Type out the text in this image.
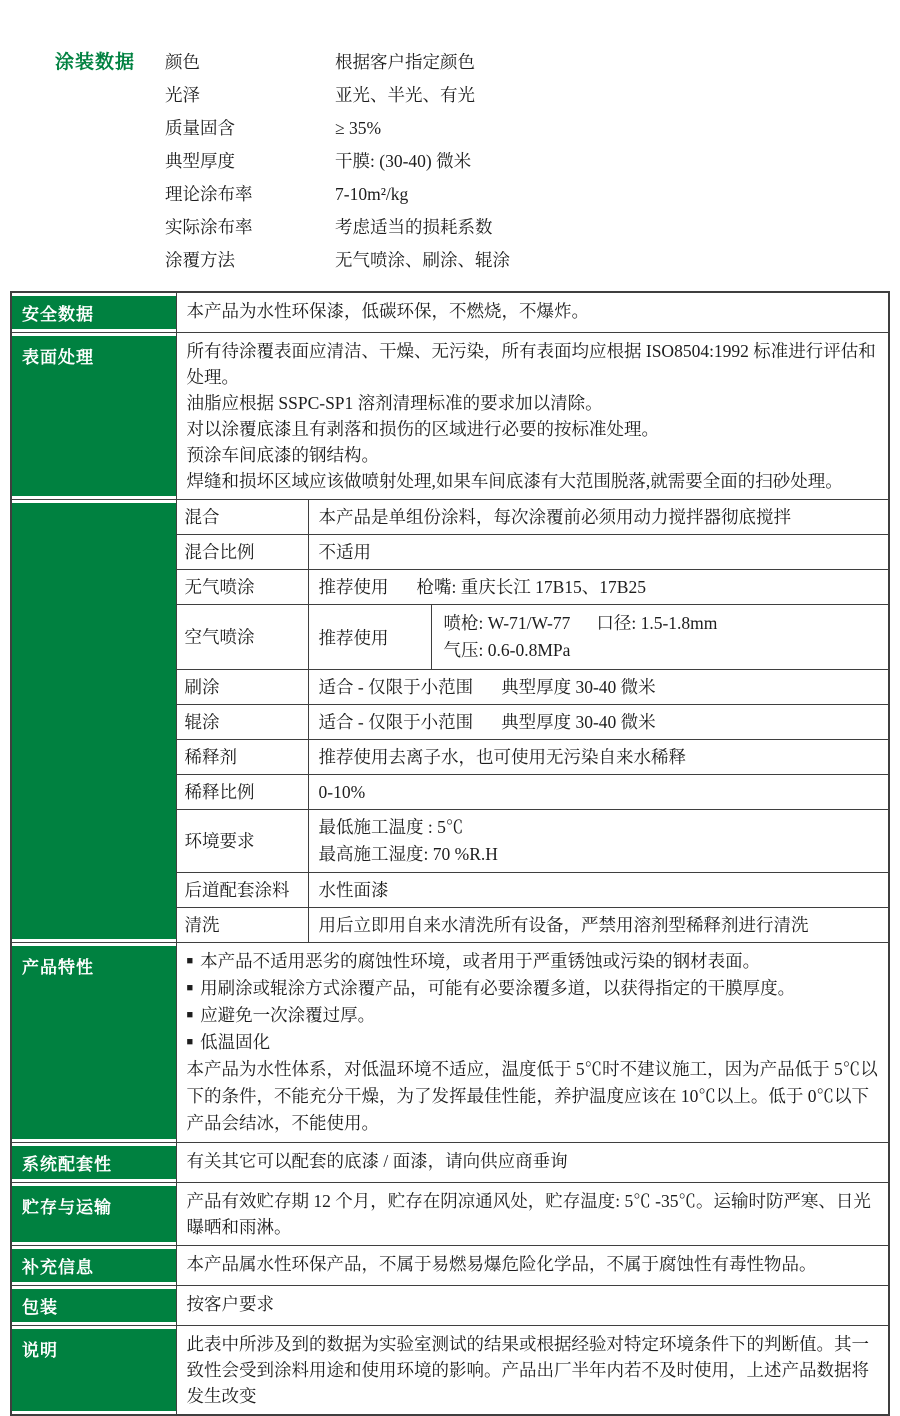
涂装数据	颜色	根据客户指定颜色
光泽	亚光、半光、有光
质量固含	≥ 35%
典型厚度	干膜: (30-40) 微米
理论涂布率	7-10m²/kg
实际涂布率	考虑适当的损耗系数
涂覆方法	无气喷涂、刷涂、辊涂
安全数据	本产品为水性环保漆，低碳环保，不燃烧，不爆炸。	
表面处理	所有待涂覆表面应清洁、干燥、无污染，所有表面均应根据 ISO8504:1992 标准进行评估和处理。
油脂应根据 SSPC-SP1 溶剂清理标准的要求加以清除。
对以涂覆底漆且有剥落和损伤的区域进行必要的按标准处理。
预涂车间底漆的钢结构。
焊缝和损坏区域应该做喷射处理,如果车间底漆有大范围脱落,就需要全面的扫砂处理。	

	混合	本产品是单组份涂料，每次涂覆前必须用动力搅拌器彻底搅拌
	混合比例	不适用
	无气喷涂	推荐使用 枪嘴: 重庆长江 17B15、17B25
	空气喷涂	推荐使用
喷枪: W-71/W-77 口径: 1.5-1.8mm
气压: 0.6-0.8MPa

	刷涂	适合 - 仅限于小范围 典型厚度 30-40 微米
	辊涂	适合 - 仅限于小范围 典型厚度 30-40 微米
	稀释剂	推荐使用去离子水，也可使用无污染自来水稀释
	稀释比例	0-10%
	环境要求	最低施工温度 : 5℃
最高施工湿度: 70 %R.H

	后道配套涂料	水性面漆
	清洗	用后立即用自来水清洗所有设备，严禁用溶剂型稀释剂进行清洗
产品特性	■ 本产品不适用恶劣的腐蚀性环境，或者用于严重锈蚀或污染的钢材表面。
■ 用刷涂或辊涂方式涂覆产品，可能有必要涂覆多道，以获得指定的干膜厚度。
■ 应避免一次涂覆过厚。
■ 低温固化
本产品为水性体系，对低温环境不适应，温度低于 5℃时不建议施工，因为产品低于 5℃以下的条件，不能充分干燥，为了发挥最佳性能，养护温度应该在 10℃以上。低于 0℃以下产品会结冰，不能使用。

系统配套性	有关其它可以配套的底漆 / 面漆，请向供应商垂询	
贮存与运输	产品有效贮存期 12 个月，贮存在阴凉通风处，贮存温度: 5℃ -35℃。运输时防严寒、日光曝晒和雨淋。	
补充信息	本产品属水性环保产品，不属于易燃易爆危险化学品，不属于腐蚀性有毒性物品。	
包装	按客户要求	
说明	此表中所涉及到的数据为实验室测试的结果或根据经验对特定环境条件下的判断值。其一致性会受到涂料用途和使用环境的影响。产品出厂半年内若不及时使用，上述产品数据将发生改变	
